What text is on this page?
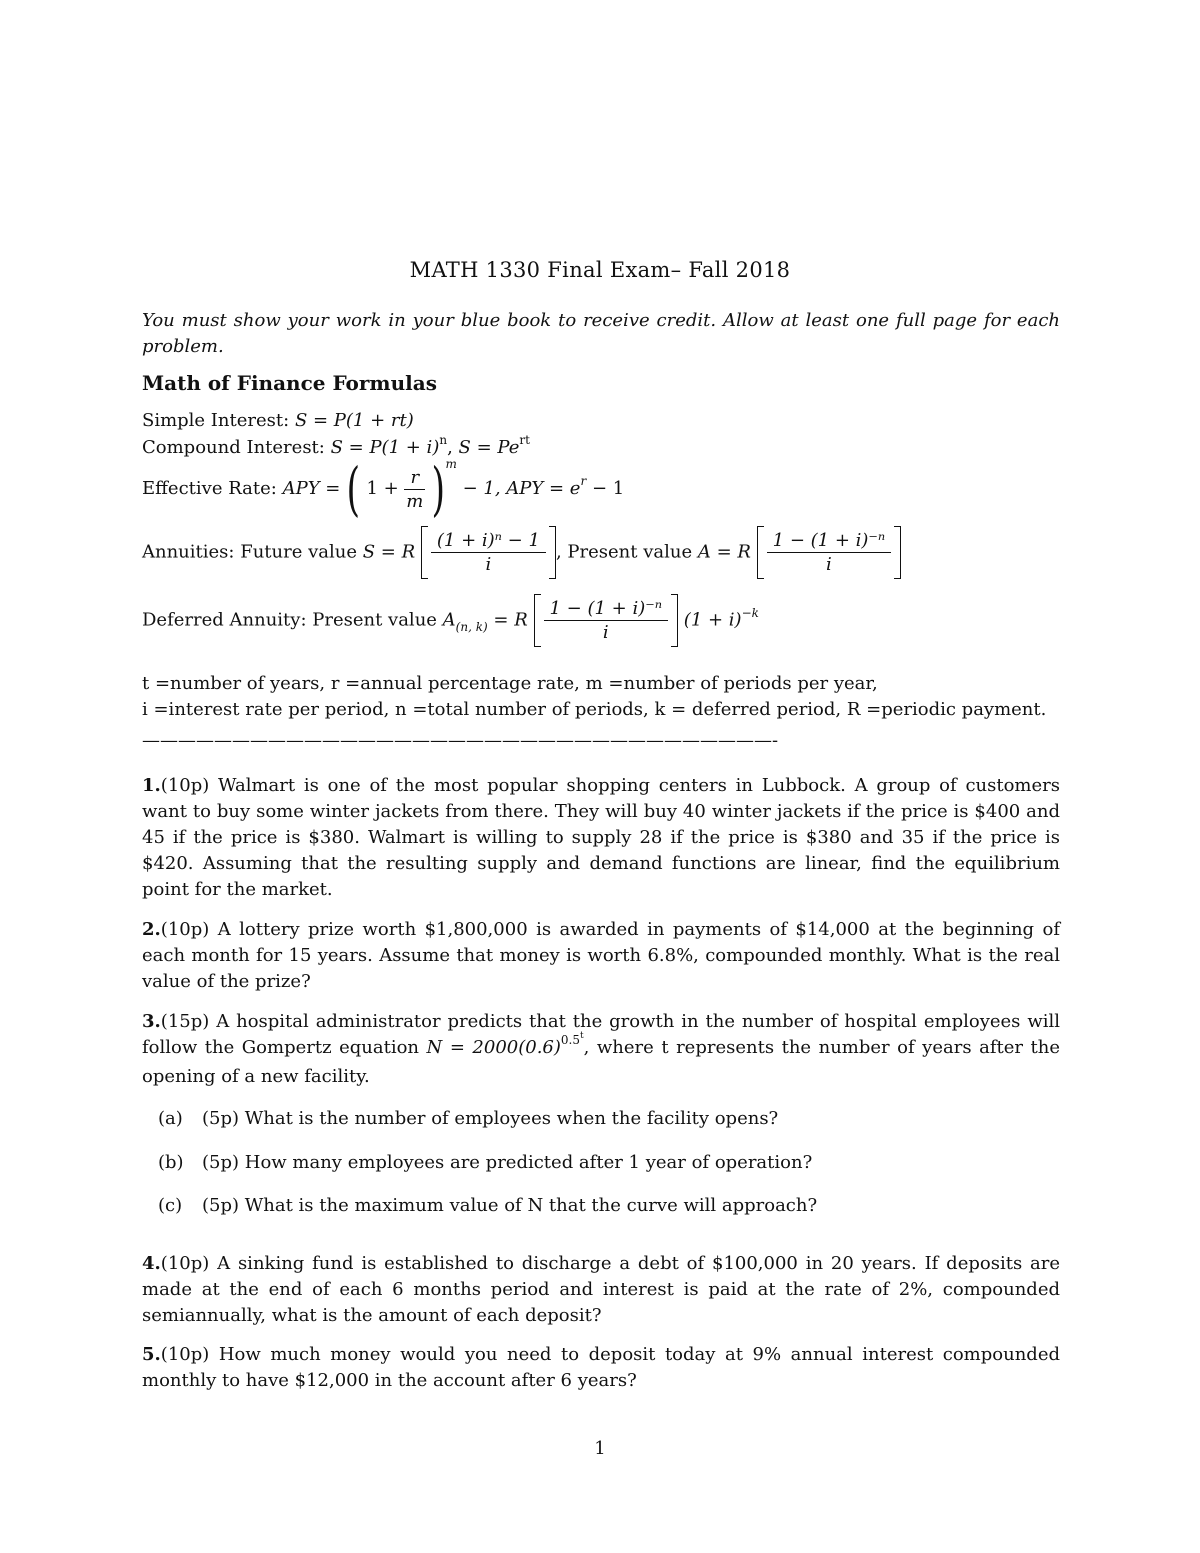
MATH 1330 Final Exam– Fall 2018
You must show your work in your blue book to receive credit. Allow at least one full page for each problem.
Math of Finance Formulas
Simple Interest: S = P(1 + rt)
Compound Interest: $S = P(1 + i)^n$, $S = Pe^{rt}$
Effective Rate: APY = ( $1 + \frac{r}{m} )^m - 1$, APY = $e^r - 1$
Annuities: Future value S = R $\frac{\text{(1 + i)ⁿ − 1}}{i}$ , Present value A = R $\frac{\text{1 − (1 + i)⁻ⁿ}}{i}$
Deferred Annuity: Present value $A_{(n, k)} = R \frac{\text{1 − (1 + i)⁻ⁿ}}{i} (1 + i)^{-k}$
t =number of years, r =annual percentage rate, m =number of periods per year,
i =interest rate per period, n =total number of periods, k = deferred period, R =periodic payment.
———————————————————————————————————-
1.(10p) Walmart is one of the most popular shopping centers in Lubbock. A group of customers want to buy some winter jackets from there. They will buy 40 winter jackets if the price is $400 and 45 if the price is $380. Walmart is willing to supply 28 if the price is $380 and 35 if the price is $420. Assuming that the resulting supply and demand functions are linear, find the equilibrium point for the market.
2.(10p) A lottery prize worth $1,800,000 is awarded in payments of $14,000 at the beginning of each month for 15 years. Assume that money is worth 6.8%, compounded monthly. What is the real value of the prize?
3.(15p) A hospital administrator predicts that the growth in the number of hospital employees will follow the Gompertz equation $N = 2000(0.6)^{0.5t}$, where t represents the number of years after the opening of a new facility.
(a) (5p) What is the number of employees when the facility opens?
(b) (5p) How many employees are predicted after 1 year of operation?
(c) (5p) What is the maximum value of N that the curve will approach?
4.(10p) A sinking fund is established to discharge a debt of $100,000 in 20 years. If deposits are made at the end of each 6 months period and interest is paid at the rate of 2%, compounded semiannually, what is the amount of each deposit?
5.(10p) How much money would you need to deposit today at 9% annual interest compounded monthly to have $12,000 in the account after 6 years?
1
